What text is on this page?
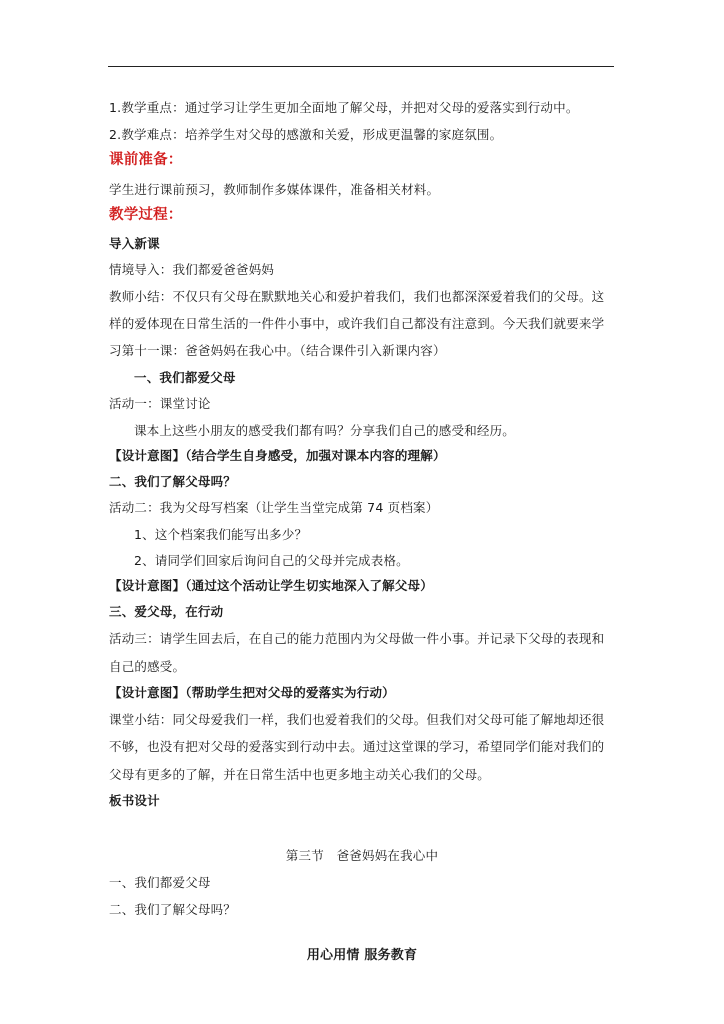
1.教学重点：通过学习让学生更加全面地了解父母，并把对父母的爱落实到行动中。
2.教学难点：培养学生对父母的感激和关爱，形成更温馨的家庭氛围。
课前准备：
学生进行课前预习，教师制作多媒体课件，准备相关材料。
教学过程：
导入新课
情境导入：我们都爱爸爸妈妈
教师小结：不仅只有父母在默默地关心和爱护着我们，我们也都深深爱着我们的父母。这
样的爱体现在日常生活的一件件小事中，或许我们自己都没有注意到。今天我们就要来学
习第十一课：爸爸妈妈在我心中。（结合课件引入新课内容）
一、我们都爱父母
活动一：课堂讨论
课本上这些小朋友的感受我们都有吗？分享我们自己的感受和经历。
【设计意图】（结合学生自身感受，加强对课本内容的理解）
二、我们了解父母吗？
活动二：我为父母写档案（让学生当堂完成第 74 页档案）
1、这个档案我们能写出多少？
2、请同学们回家后询问自己的父母并完成表格。
【设计意图】（通过这个活动让学生切实地深入了解父母）
三、爱父母，在行动
活动三：请学生回去后，在自己的能力范围内为父母做一件小事。并记录下父母的表现和
自己的感受。
【设计意图】（帮助学生把对父母的爱落实为行动）
课堂小结：同父母爱我们一样，我们也爱着我们的父母。但我们对父母可能了解地却还很
不够，也没有把对父母的爱落实到行动中去。通过这堂课的学习，希望同学们能对我们的
父母有更多的了解，并在日常生活中也更多地主动关心我们的父母。
板书设计
第三节　爸爸妈妈在我心中
一、我们都爱父母
二、我们了解父母吗？
用心用情 服务教育
